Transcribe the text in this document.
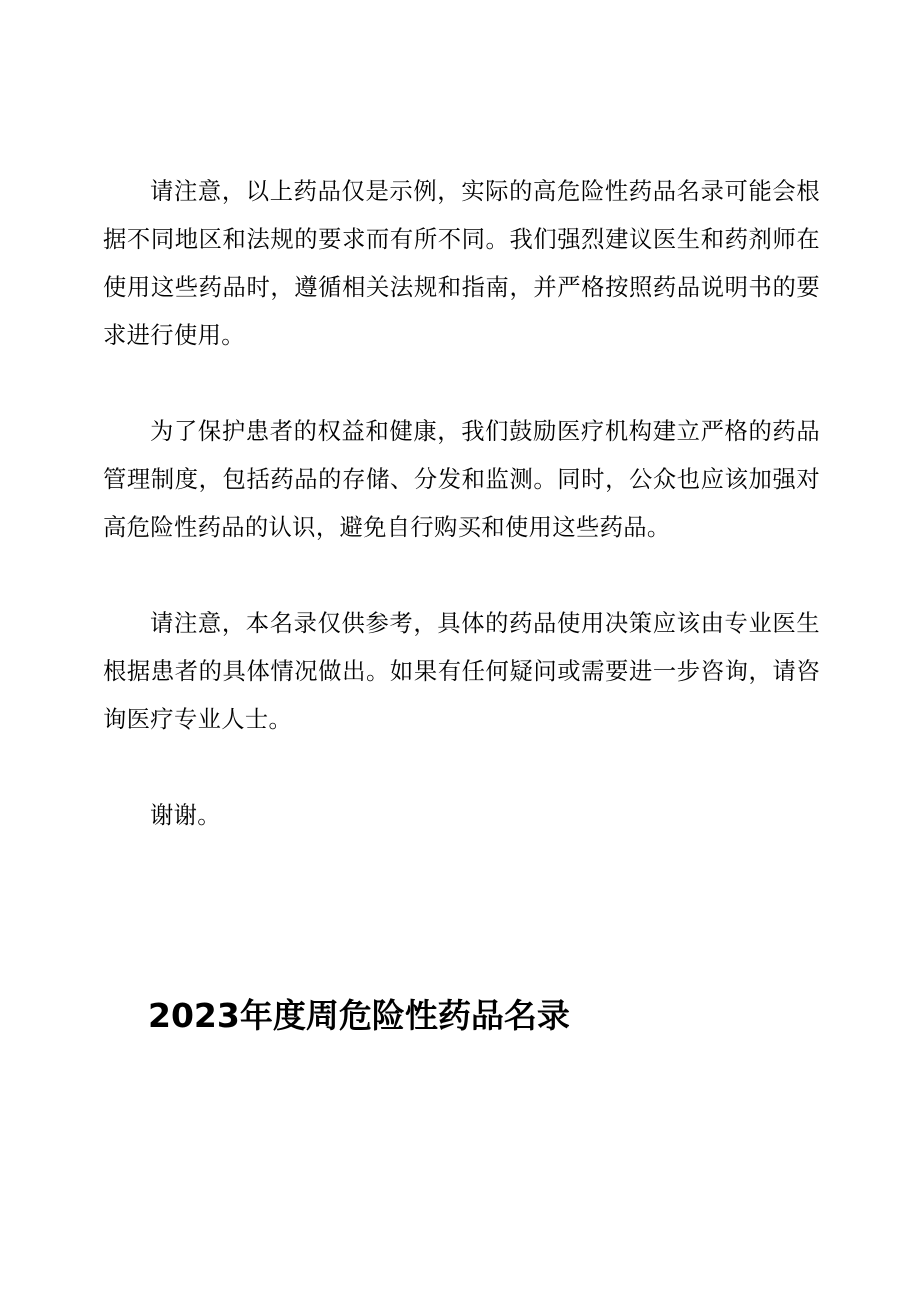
请注意，以上药品仅是示例，实际的高危险性药品名录可能会根据不同地区和法规的要求而有所不同。我们强烈建议医生和药剂师在使用这些药品时，遵循相关法规和指南，并严格按照药品说明书的要求进行使用。

为了保护患者的权益和健康，我们鼓励医疗机构建立严格的药品管理制度，包括药品的存储、分发和监测。同时，公众也应该加强对高危险性药品的认识，避免自行购买和使用这些药品。

请注意，本名录仅供参考，具体的药品使用决策应该由专业医生根据患者的具体情况做出。如果有任何疑问或需要进一步咨询，请咨询医疗专业人士。

谢谢。

2023年度周危险性药品名录
